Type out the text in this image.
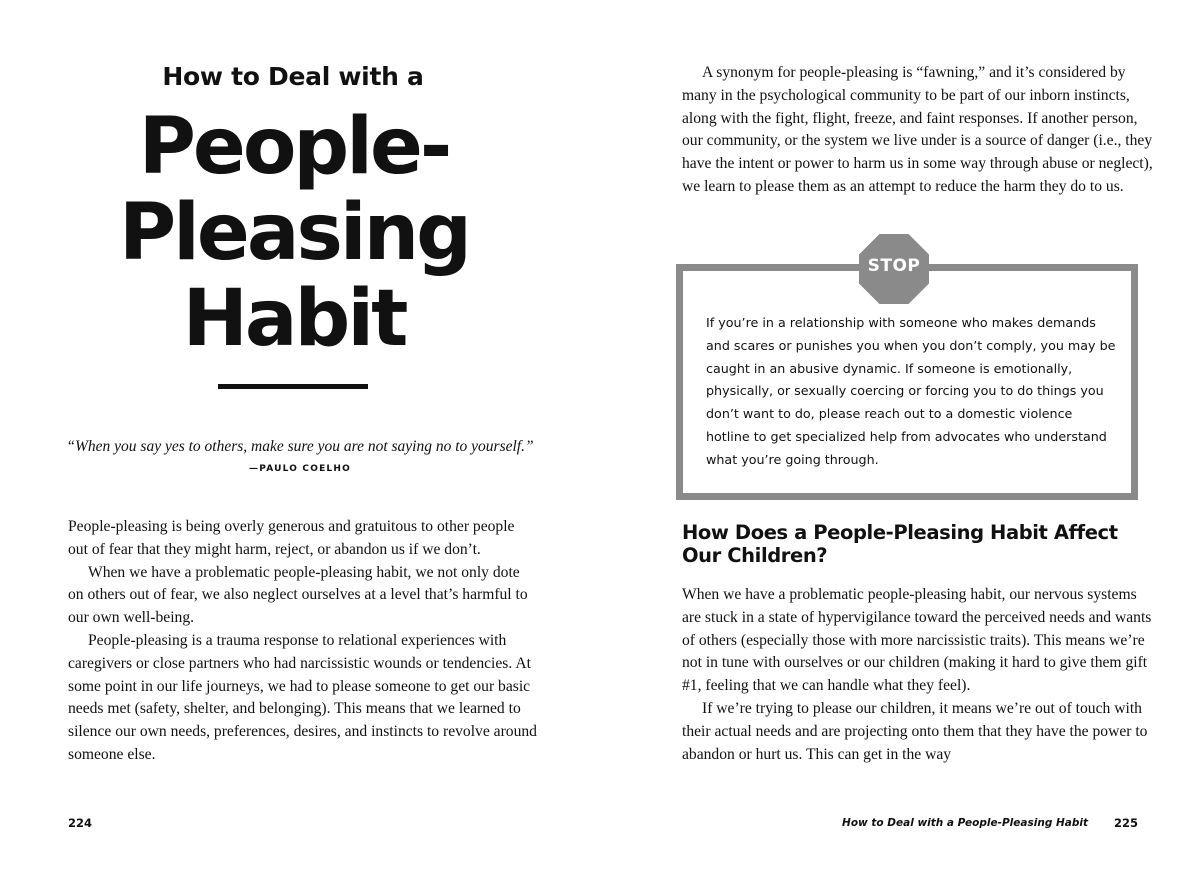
How to Deal with a
People-
Pleasing
Habit
“When you say yes to others, make sure you are not saying no to yourself.”
—PAULO COELHO

People-pleasing is being overly generous and gratuitous to other people out of fear that they might harm, reject, or abandon us if we don’t.

When we have a problematic people-pleasing habit, we not only dote on others out of fear, we also neglect ourselves at a level that’s harmful to our own well-being.

People-pleasing is a trauma response to relational experiences with caregivers or close partners who had narcissistic wounds or tendencies. At some point in our life journeys, we had to please someone to get our basic needs met (safety, shelter, and belonging). This means that we learned to silence our own needs, preferences, desires, and instincts to revolve around someone else.

224

A synonym for people-pleasing is “fawning,” and it’s considered by many in the psychological community to be part of our inborn instincts, along with the fight, flight, freeze, and faint responses. If another person, our community, or the system we live under is a source of danger (i.e., they have the intent or power to harm us in some way through abuse or neglect), we learn to please them as an attempt to reduce the harm they do to us.

STOP
If you’re in a relationship with someone who makes demands and scares or punishes you when you don’t comply, you may be caught in an abusive dynamic. If someone is emotionally, physically, or sexually coercing or forcing you to do things you don’t want to do, please reach out to a domestic violence hotline to get specialized help from advocates who understand what you’re going through.
How Does a People-Pleasing Habit Affect Our Children?

When we have a problematic people-pleasing habit, our nervous systems are stuck in a state of hypervigilance toward the perceived needs and wants of others (especially those with more narcissistic traits). This means we’re not in tune with ourselves or our children (making it hard to give them gift #1, feeling that we can handle what they feel).

If we’re trying to please our children, it means we’re out of touch with their actual needs and are projecting onto them that they have the power to abandon or hurt us. This can get in the way

How to Deal with a People-Pleasing Habit 225
